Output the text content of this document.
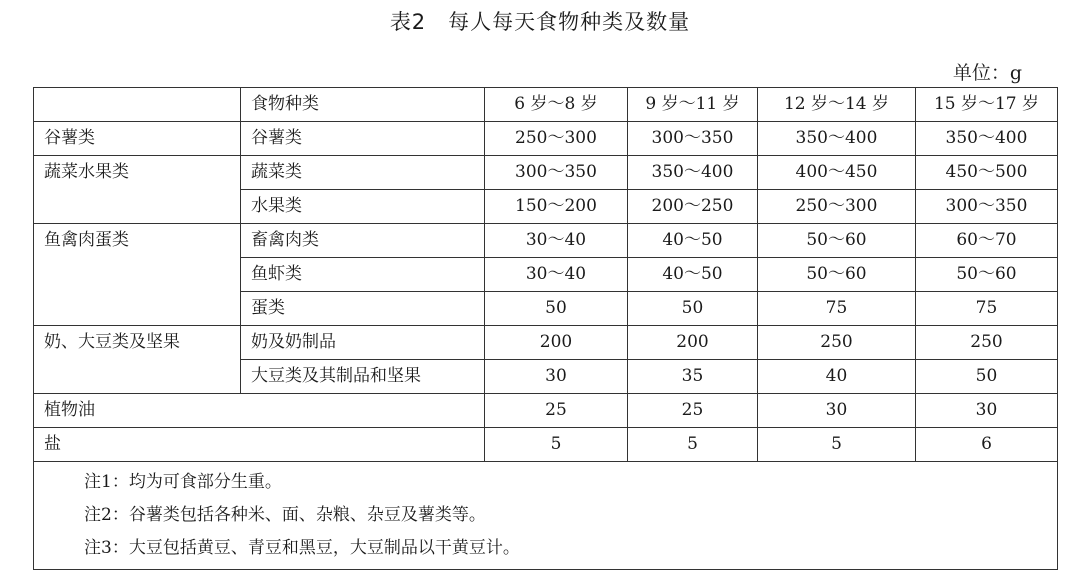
表2　每人每天食物种类及数量
单位：g
	食物种类	6 岁～8 岁	9 岁～11 岁	12 岁～14 岁	15 岁～17 岁
谷薯类	谷薯类	250～300	300～350	350～400	350～400
蔬菜水果类	蔬菜类	300～350	350～400	400～450	450～500
	水果类	150～200	200～250	250～300	300～350
鱼禽肉蛋类	畜禽肉类	30～40	40～50	50～60	60～70
	鱼虾类	30～40	40～50	50～60	50～60
	蛋类	50	50	75	75
奶、大豆类及坚果	奶及奶制品	200	200	250	250
	大豆类及其制品和坚果	30	35	40	50
植物油		25	25	30	30
盐		5	5	5	6

注1：均为可食部分生重。
注2：谷薯类包括各种米、面、杂粮、杂豆及薯类等。
注3：大豆包括黄豆、青豆和黑豆，大豆制品以干黄豆计。					
